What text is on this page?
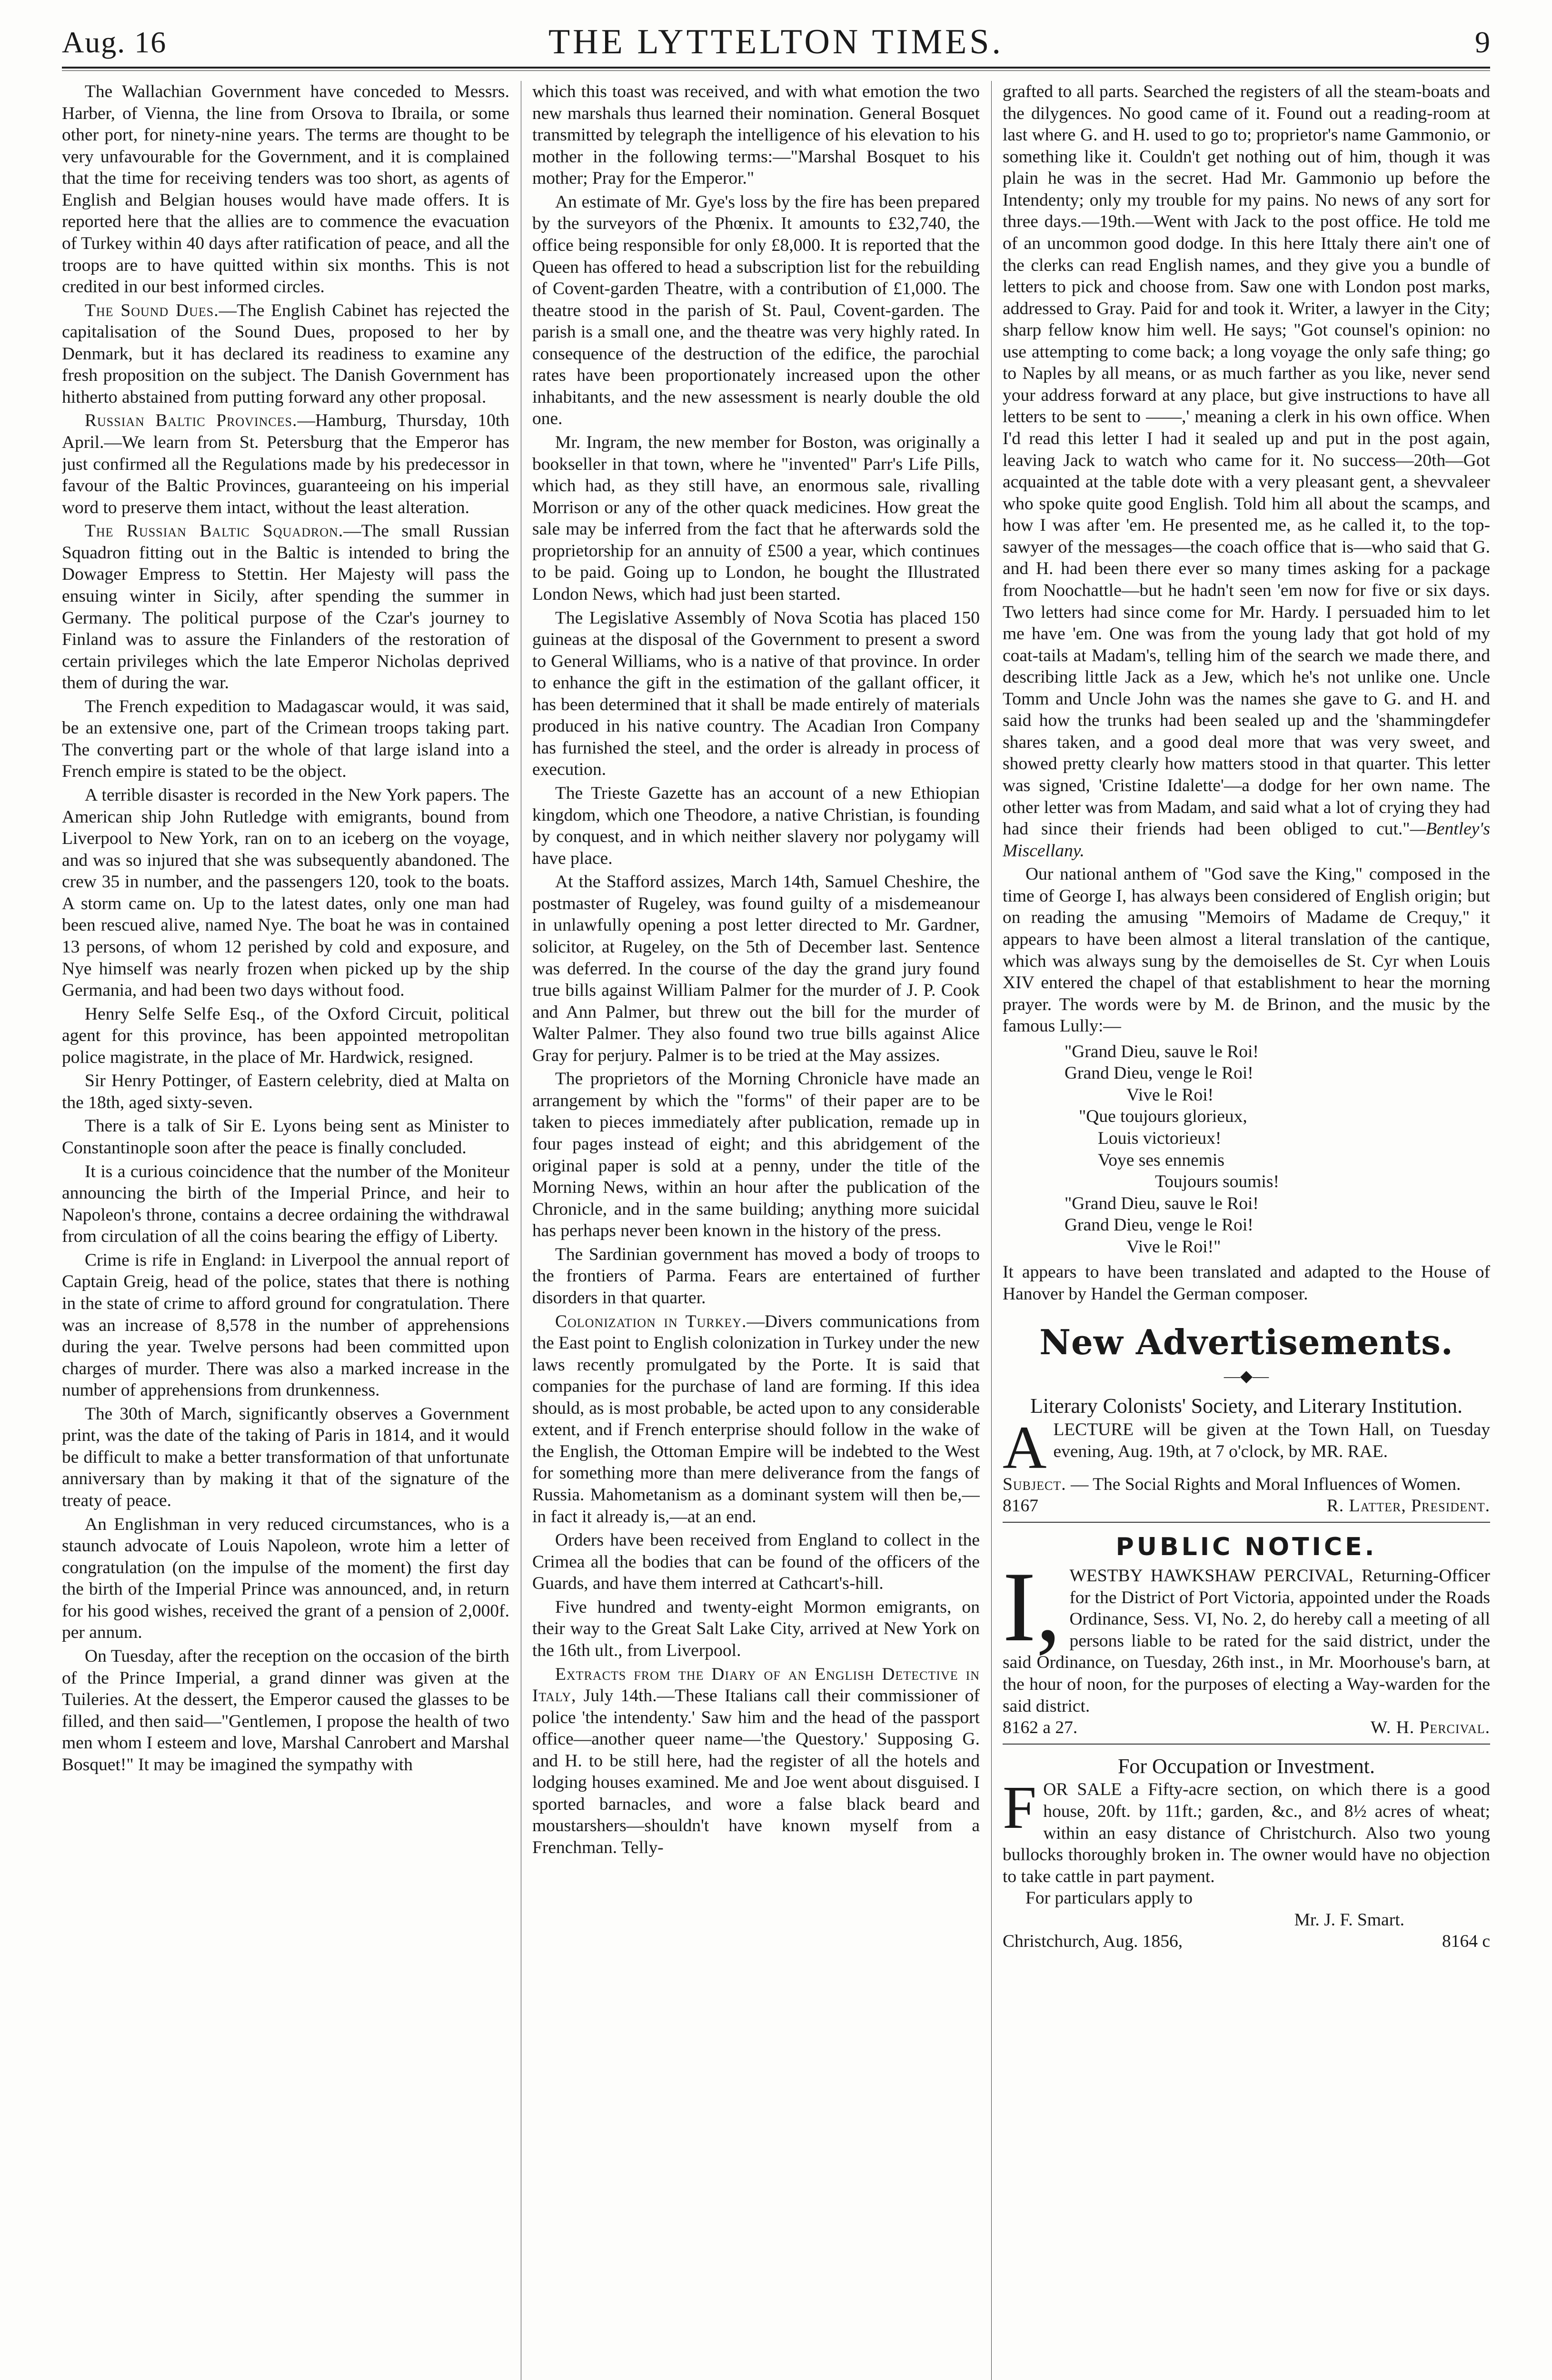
Aug. 16	THE LYTTELTON TIMES.	9

The Wallachian Government have conceded to Messrs. Harber, of Vienna, the line from Orsova to Ibraila, or some other port, for ninety-nine years. The terms are thought to be very unfavourable for the Government, and it is complained that the time for receiving tenders was too short, as agents of English and Belgian houses would have made offers. It is reported here that the allies are to commence the evacuation of Turkey within 40 days after ratification of peace, and all the troops are to have quitted within six months. This is not credited in our best informed circles.

The Sound Dues.—The English Cabinet has rejected the capitalisation of the Sound Dues, proposed to her by Denmark, but it has declared its readiness to examine any fresh proposition on the subject. The Danish Government has hitherto abstained from putting forward any other proposal.

Russian Baltic Provinces.—Hamburg, Thursday, 10th April.—We learn from St. Petersburg that the Emperor has just confirmed all the Regulations made by his predecessor in favour of the Baltic Provinces, guaranteeing on his imperial word to preserve them intact, without the least alteration.

The Russian Baltic Squadron.—The small Russian Squadron fitting out in the Baltic is intended to bring the Dowager Empress to Stettin. Her Majesty will pass the ensuing winter in Sicily, after spending the summer in Germany. The political purpose of the Czar's journey to Finland was to assure the Finlanders of the restoration of certain privileges which the late Emperor Nicholas deprived them of during the war.

The French expedition to Madagascar would, it was said, be an extensive one, part of the Crimean troops taking part. The converting part or the whole of that large island into a French empire is stated to be the object.

A terrible disaster is recorded in the New York papers. The American ship John Rutledge with emigrants, bound from Liverpool to New York, ran on to an iceberg on the voyage, and was so injured that she was subsequently abandoned. The crew 35 in number, and the passengers 120, took to the boats. A storm came on. Up to the latest dates, only one man had been rescued alive, named Nye. The boat he was in contained 13 persons, of whom 12 perished by cold and exposure, and Nye himself was nearly frozen when picked up by the ship Germania, and had been two days without food.

Henry Selfe Selfe Esq., of the Oxford Circuit, political agent for this province, has been appointed metropolitan police magistrate, in the place of Mr. Hardwick, resigned.

Sir Henry Pottinger, of Eastern celebrity, died at Malta on the 18th, aged sixty-seven.

There is a talk of Sir E. Lyons being sent as Minister to Constantinople soon after the peace is finally concluded.

It is a curious coincidence that the number of the Moniteur announcing the birth of the Imperial Prince, and heir to Napoleon's throne, contains a decree ordaining the withdrawal from circulation of all the coins bearing the effigy of Liberty.

Crime is rife in England: in Liverpool the annual report of Captain Greig, head of the police, states that there is nothing in the state of crime to afford ground for congratulation. There was an increase of 8,578 in the number of apprehensions during the year. Twelve persons had been committed upon charges of murder. There was also a marked increase in the number of apprehensions from drunkenness.

The 30th of March, significantly observes a Government print, was the date of the taking of Paris in 1814, and it would be difficult to make a better transformation of that unfortunate anniversary than by making it that of the signature of the treaty of peace.

An Englishman in very reduced circumstances, who is a staunch advocate of Louis Napoleon, wrote him a letter of congratulation (on the impulse of the moment) the first day the birth of the Imperial Prince was announced, and, in return for his good wishes, received the grant of a pension of 2,000f. per annum.

On Tuesday, after the reception on the occasion of the birth of the Prince Imperial, a grand dinner was given at the Tuileries. At the dessert, the Emperor caused the glasses to be filled, and then said—"Gentlemen, I propose the health of two men whom I esteem and love, Marshal Canrobert and Marshal Bosquet!" It may be imagined the sympathy with

which this toast was received, and with what emotion the two new marshals thus learned their nomination. General Bosquet transmitted by telegraph the intelligence of his elevation to his mother in the following terms:—"Marshal Bosquet to his mother; Pray for the Emperor."

An estimate of Mr. Gye's loss by the fire has been prepared by the surveyors of the Phœnix. It amounts to £32,740, the office being responsible for only £8,000. It is reported that the Queen has offered to head a subscription list for the rebuilding of Covent-garden Theatre, with a contribution of £1,000. The theatre stood in the parish of St. Paul, Covent-garden. The parish is a small one, and the theatre was very highly rated. In consequence of the destruction of the edifice, the parochial rates have been proportionately increased upon the other inhabitants, and the new assessment is nearly double the old one.

Mr. Ingram, the new member for Boston, was originally a bookseller in that town, where he "invented" Parr's Life Pills, which had, as they still have, an enormous sale, rivalling Morrison or any of the other quack medicines. How great the sale may be inferred from the fact that he afterwards sold the proprietorship for an annuity of £500 a year, which continues to be paid. Going up to London, he bought the Illustrated London News, which had just been started.

The Legislative Assembly of Nova Scotia has placed 150 guineas at the disposal of the Government to present a sword to General Williams, who is a native of that province. In order to enhance the gift in the estimation of the gallant officer, it has been determined that it shall be made entirely of materials produced in his native country. The Acadian Iron Company has furnished the steel, and the order is already in process of execution.

The Trieste Gazette has an account of a new Ethiopian kingdom, which one Theodore, a native Christian, is founding by conquest, and in which neither slavery nor polygamy will have place.

At the Stafford assizes, March 14th, Samuel Cheshire, the postmaster of Rugeley, was found guilty of a misdemeanour in unlawfully opening a post letter directed to Mr. Gardner, solicitor, at Rugeley, on the 5th of December last. Sentence was deferred. In the course of the day the grand jury found true bills against William Palmer for the murder of J. P. Cook and Ann Palmer, but threw out the bill for the murder of Walter Palmer. They also found two true bills against Alice Gray for perjury. Palmer is to be tried at the May assizes.

The proprietors of the Morning Chronicle have made an arrangement by which the "forms" of their paper are to be taken to pieces immediately after publication, remade up in four pages instead of eight; and this abridgement of the original paper is sold at a penny, under the title of the Morning News, within an hour after the publication of the Chronicle, and in the same building; anything more suicidal has perhaps never been known in the history of the press.

The Sardinian government has moved a body of troops to the frontiers of Parma. Fears are entertained of further disorders in that quarter.

Colonization in Turkey.—Divers communications from the East point to English colonization in Turkey under the new laws recently promulgated by the Porte. It is said that companies for the purchase of land are forming. If this idea should, as is most probable, be acted upon to any considerable extent, and if French enterprise should follow in the wake of the English, the Ottoman Empire will be indebted to the West for something more than mere deliverance from the fangs of Russia. Mahometanism as a dominant system will then be,—in fact it already is,—at an end.

Orders have been received from England to collect in the Crimea all the bodies that can be found of the officers of the Guards, and have them interred at Cathcart's-hill.

Five hundred and twenty-eight Mormon emigrants, on their way to the Great Salt Lake City, arrived at New York on the 16th ult., from Liverpool.

Extracts from the Diary of an English Detective in Italy, July 14th.—These Italians call their commissioner of police 'the intendenty.' Saw him and the head of the passport office—another queer name—'the Questory.' Supposing G. and H. to be still here, had the register of all the hotels and lodging houses examined. Me and Joe went about disguised. I sported barnacles, and wore a false black beard and moustarshers—shouldn't have known myself from a Frenchman. Telly-

grafted to all parts. Searched the registers of all the steam-boats and the dilygences. No good came of it. Found out a reading-room at last where G. and H. used to go to; proprietor's name Gammonio, or something like it. Couldn't get nothing out of him, though it was plain he was in the secret. Had Mr. Gammonio up before the Intendenty; only my trouble for my pains. No news of any sort for three days.—19th.—Went with Jack to the post office. He told me of an uncommon good dodge. In this here Ittaly there ain't one of the clerks can read English names, and they give you a bundle of letters to pick and choose from. Saw one with London post marks, addressed to Gray. Paid for and took it. Writer, a lawyer in the City; sharp fellow know him well. He says; "Got counsel's opinion: no use attempting to come back; a long voyage the only safe thing; go to Naples by all means, or as much farther as you like, never send your address forward at any place, but give instructions to have all letters to be sent to ——,' meaning a clerk in his own office. When I'd read this letter I had it sealed up and put in the post again, leaving Jack to watch who came for it. No success—20th—Got acquainted at the table dote with a very pleasant gent, a shevvaleer who spoke quite good English. Told him all about the scamps, and how I was after 'em. He presented me, as he called it, to the top-sawyer of the messages—the coach office that is—who said that G. and H. had been there ever so many times asking for a package from Noochattle—but he hadn't seen 'em now for five or six days. Two letters had since come for Mr. Hardy. I persuaded him to let me have 'em. One was from the young lady that got hold of my coat-tails at Madam's, telling him of the search we made there, and describing little Jack as a Jew, which he's not unlike one. Uncle Tomm and Uncle John was the names she gave to G. and H. and said how the trunks had been sealed up and the 'shammingdefer shares taken, and a good deal more that was very sweet, and showed pretty clearly how matters stood in that quarter. This letter was signed, 'Cristine Idalette'—a dodge for her own name. The other letter was from Madam, and said what a lot of crying they had had since their friends had been obliged to cut."—Bentley's Miscellany.

Our national anthem of "God save the King," composed in the time of George I, has always been considered of English origin; but on reading the amusing "Memoirs of Madame de Crequy," it appears to have been almost a literal translation of the cantique, which was always sung by the demoiselles de St. Cyr when Louis XIV entered the chapel of that establishment to hear the morning prayer. The words were by M. de Brinon, and the music by the famous Lully:—

"Grand Dieu, sauve le Roi!
Grand Dieu, venge le Roi!
Vive le Roi!
"Que toujours glorieux,
Louis victorieux!
Voye ses ennemis
Toujours soumis!
"Grand Dieu, sauve le Roi!
Grand Dieu, venge le Roi!
Vive le Roi!"

It appears to have been translated and adapted to the House of Hanover by Handel the German composer.

New Advertisements.
—◆—
Literary Colonists' Society, and Literary Institution.
ALECTURE will be given at the Town Hall, on Tuesday evening, Aug. 19th, at 7 o'clock, by MR. RAE.
Subject. — The Social Rights and Moral Influences of Women.
8167	R. Latter, President.
PUBLIC NOTICE.
I, WESTBY HAWKSHAW PERCIVAL, Returning-Officer for the District of Port Victoria, appointed under the Roads Ordinance, Sess. VI, No. 2, do hereby call a meeting of all persons liable to be rated for the said district, under the said Ordinance, on Tuesday, 26th inst., in Mr. Moorhouse's barn, at the hour of noon, for the purposes of electing a Way-warden for the said district.
8162 a 27.	W. H. Percival.
For Occupation or Investment.
FOR SALE a Fifty-acre section, on which there is a good house, 20ft. by 11ft.; garden, &c., and 8½ acres of wheat; within an easy distance of Christchurch. Also two young bullocks thoroughly broken in. The owner would have no objection to take cattle in part payment.
For particulars apply to
Mr. J. F. Smart.
Christchurch, Aug. 1856,	8164 c
